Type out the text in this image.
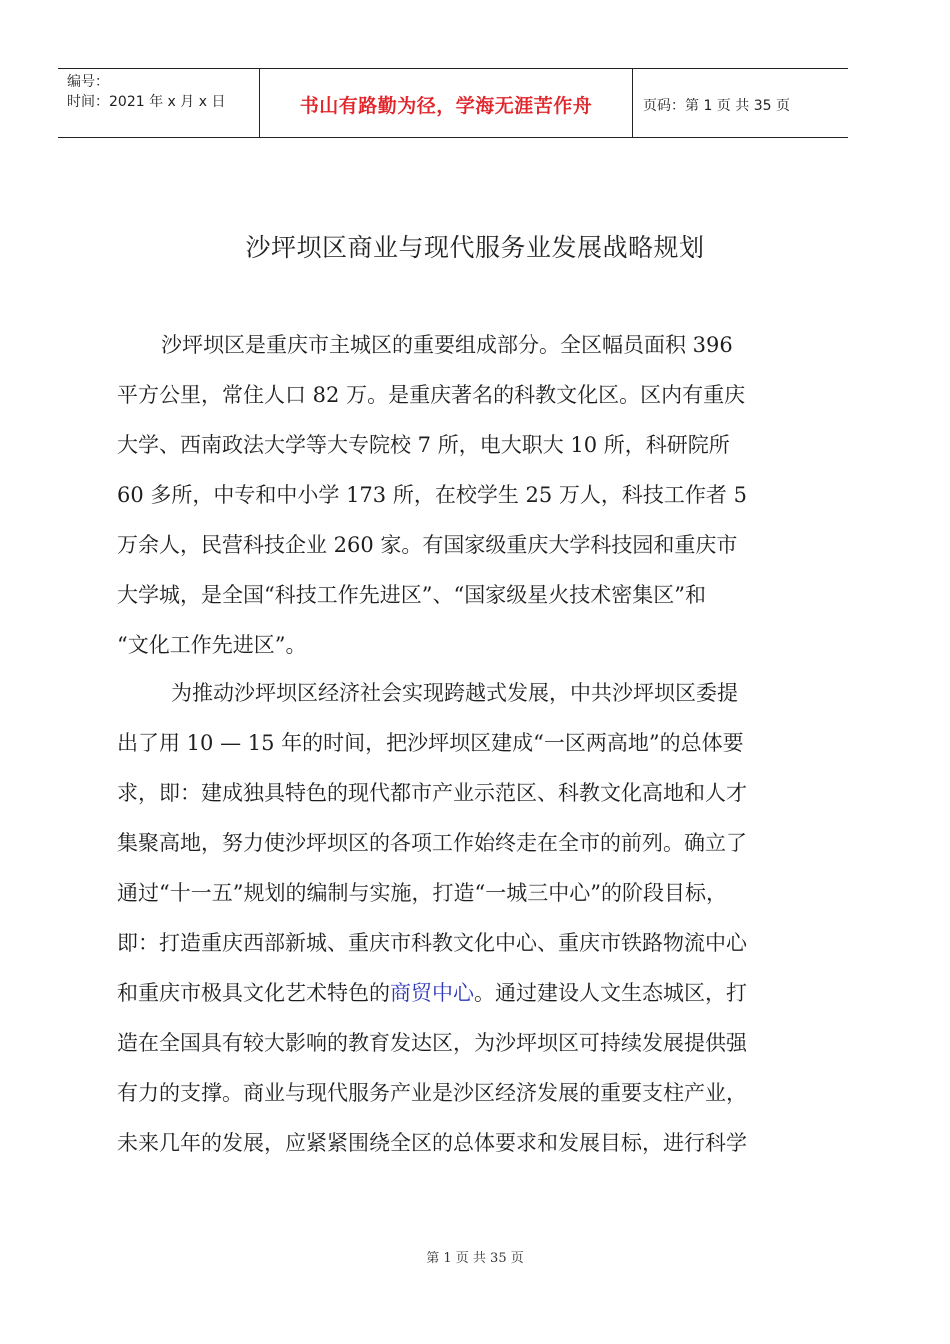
编号：
时间：2021 年 x 月 x 日	书山有路勤为径，学海无涯苦作舟	页码：第 1 页 共 35 页
沙坪坝区商业与现代服务业发展战略规划
沙坪坝区是重庆市主城区的重要组成部分。全区幅员面积 396
平方公里，常住人口 82 万。是重庆著名的科教文化区。区内有重庆
大学、西南政法大学等大专院校 7 所，电大职大 10 所，科研院所
60 多所，中专和中小学 173 所，在校学生 25 万人，科技工作者 5
万余人，民营科技企业 260 家。有国家级重庆大学科技园和重庆市
大学城，是全国“科技工作先进区”、“国家级星火技术密集区”和
“文化工作先进区”。
为推动沙坪坝区经济社会实现跨越式发展，中共沙坪坝区委提
出了用 10 — 15 年的时间，把沙坪坝区建成“一区两高地”的总体要
求，即：建成独具特色的现代都市产业示范区、科教文化高地和人才
集聚高地，努力使沙坪坝区的各项工作始终走在全市的前列。确立了
通过“十一五”规划的编制与实施，打造“一城三中心”的阶段目标，
即：打造重庆西部新城、重庆市科教文化中心、重庆市铁路物流中心
和重庆市极具文化艺术特色的商贸中心。通过建设人文生态城区，打
造在全国具有较大影响的教育发达区，为沙坪坝区可持续发展提供强
有力的支撑。商业与现代服务产业是沙区经济发展的重要支柱产业，
未来几年的发展，应紧紧围绕全区的总体要求和发展目标，进行科学
第 1 页 共 35 页
